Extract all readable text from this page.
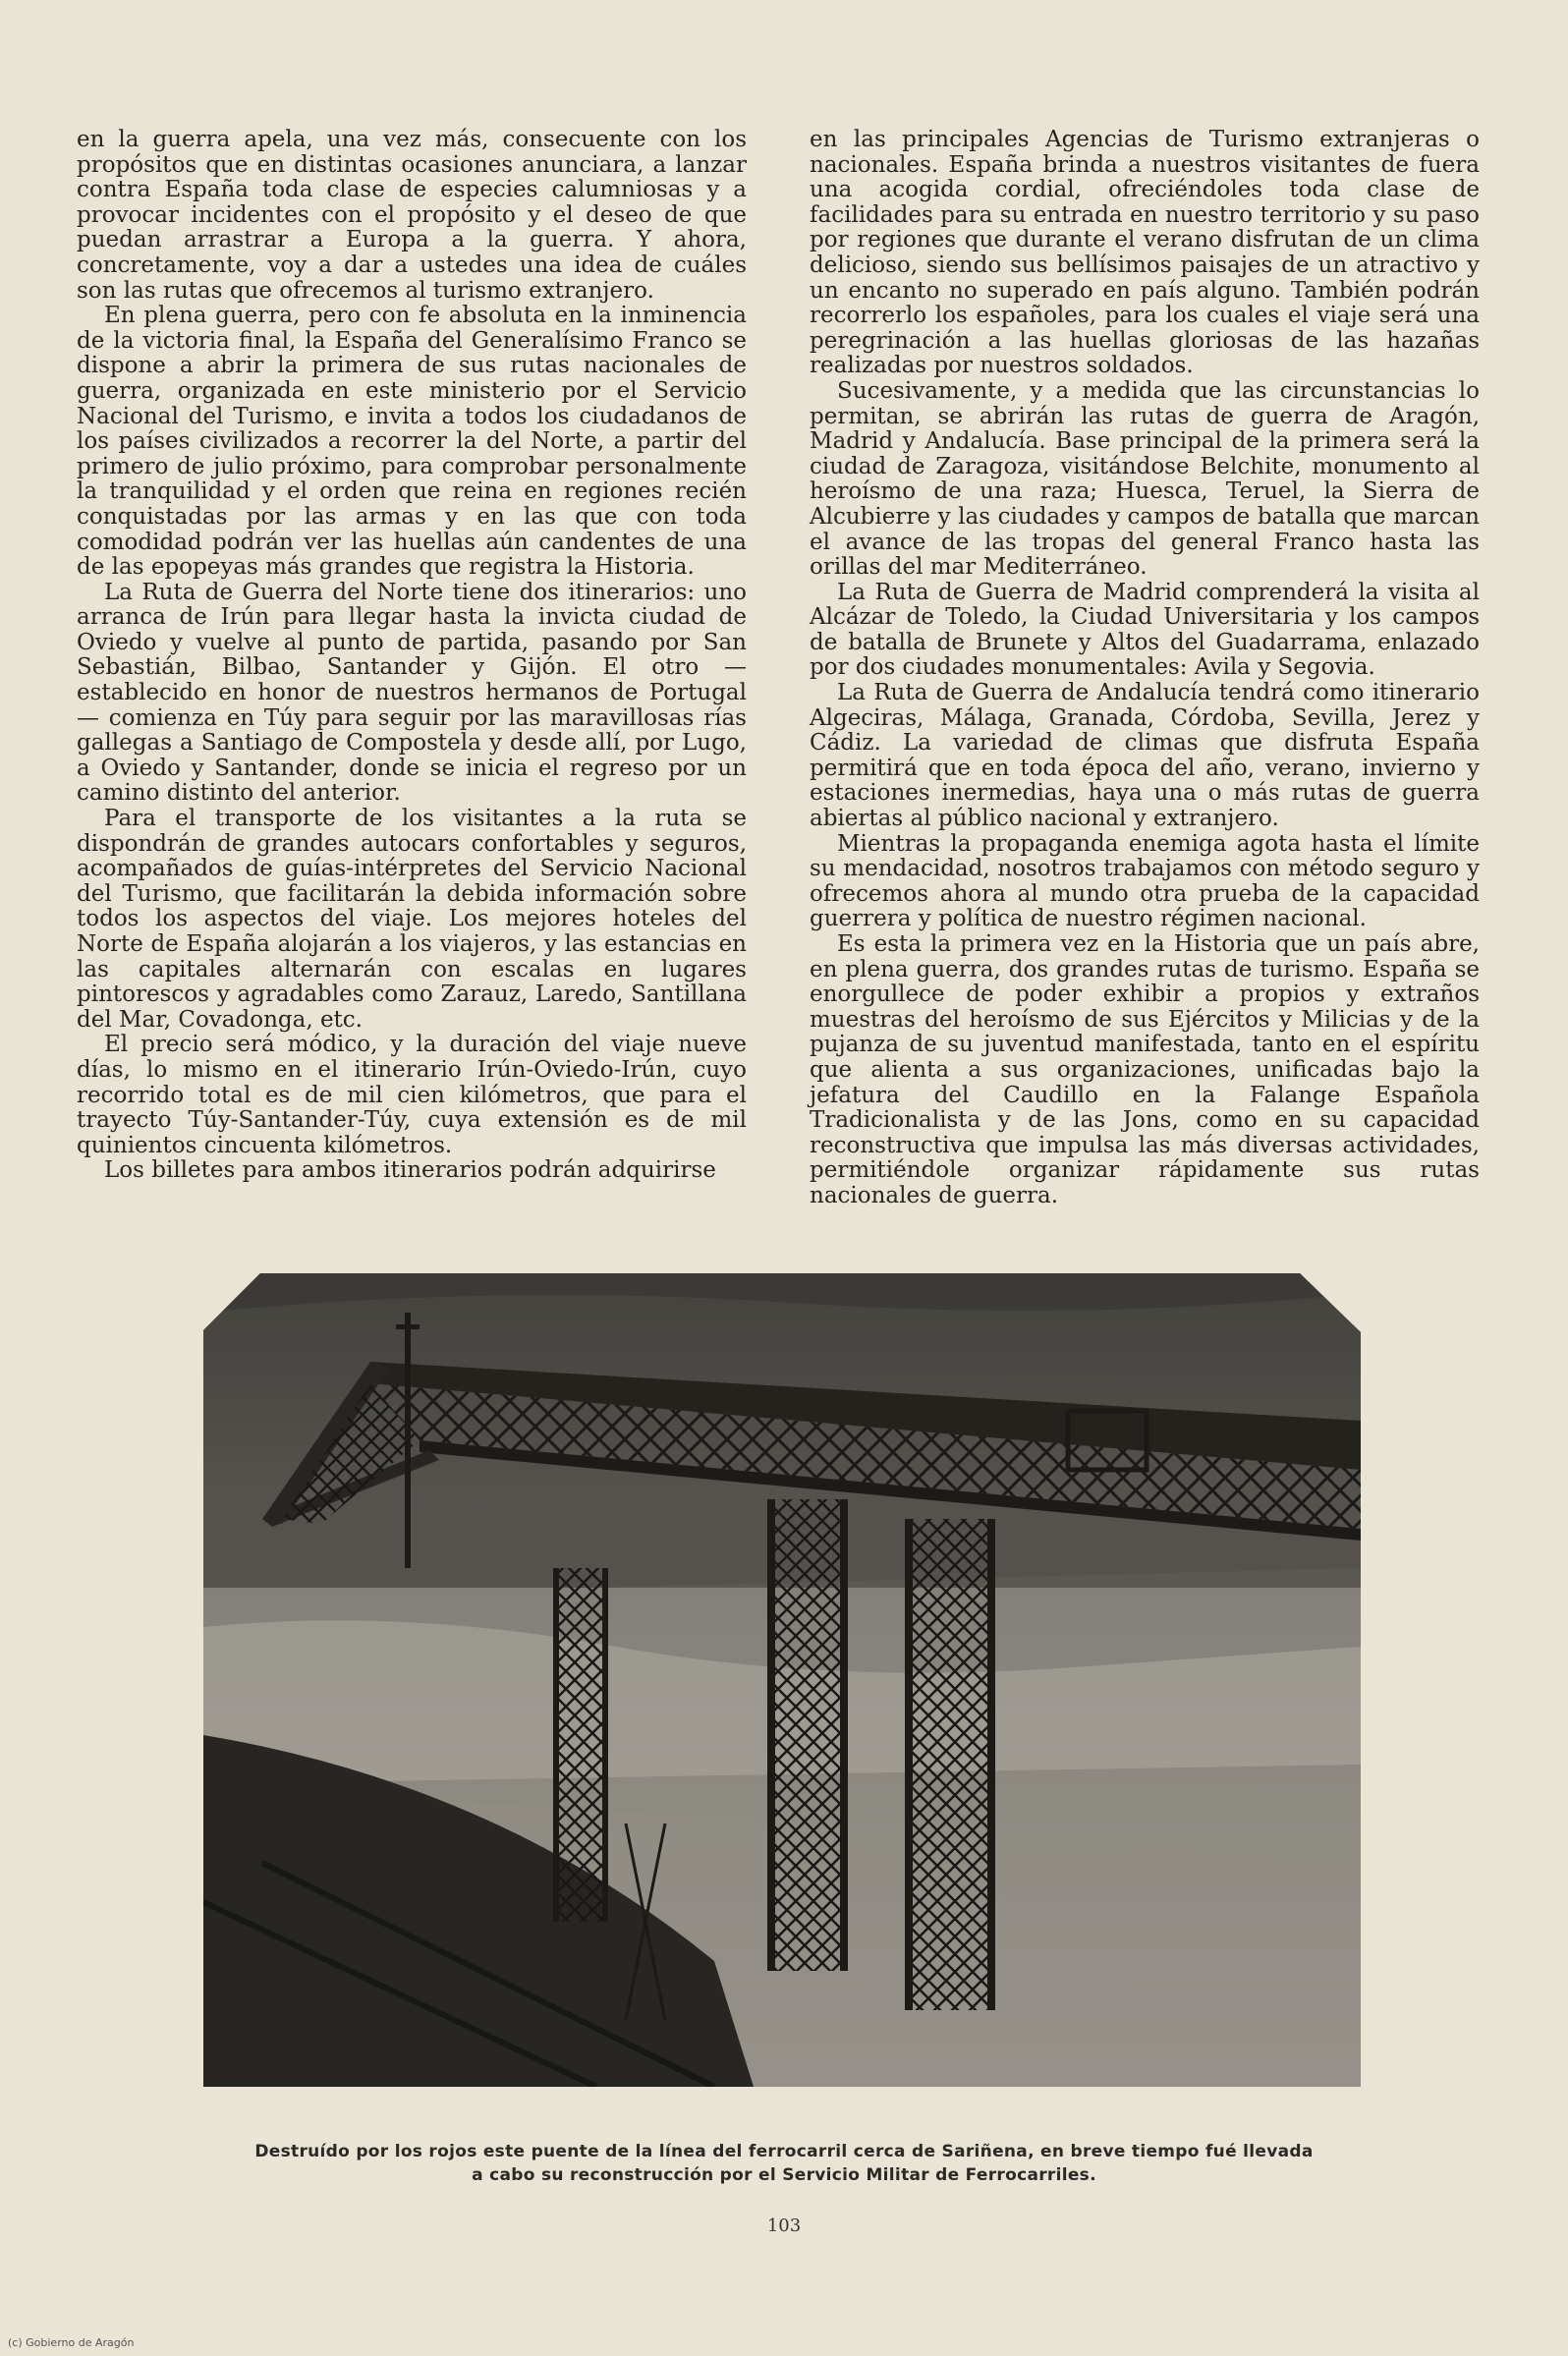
en la guerra apela, una vez más, consecuente con los propósitos que en distintas ocasiones anunciara, a lanzar contra España toda clase de especies calumniosas y a provocar incidentes con el propósito y el deseo de que puedan arrastrar a Europa a la guerra. Y ahora, concretamente, voy a dar a ustedes una idea de cuáles son las rutas que ofrecemos al turismo extranjero.

En plena guerra, pero con fe absoluta en la inminencia de la victoria final, la España del Generalísimo Franco se dispone a abrir la primera de sus rutas nacionales de guerra, organizada en este ministerio por el Servicio Nacional del Turismo, e invita a todos los ciudadanos de los países civilizados a recorrer la del Norte, a partir del primero de julio próximo, para comprobar personalmente la tranquilidad y el orden que reina en regiones recién conquistadas por las armas y en las que con toda comodidad podrán ver las huellas aún candentes de una de las epopeyas más grandes que registra la Historia.

La Ruta de Guerra del Norte tiene dos itinerarios: uno arranca de Irún para llegar hasta la invicta ciudad de Oviedo y vuelve al punto de partida, pasando por San Sebastián, Bilbao, Santander y Gijón. El otro — establecido en honor de nuestros hermanos de Portugal — comienza en Túy para seguir por las maravillosas rías gallegas a Santiago de Compostela y desde allí, por Lugo, a Oviedo y Santander, donde se inicia el regreso por un camino distinto del anterior.

Para el transporte de los visitantes a la ruta se dispondrán de grandes autocars confortables y seguros, acompañados de guías-intérpretes del Servicio Nacional del Turismo, que facilitarán la debida información sobre todos los aspectos del viaje. Los mejores hoteles del Norte de España alojarán a los viajeros, y las estancias en las capitales alternarán con escalas en lugares pintorescos y agradables como Zarauz, Laredo, Santillana del Mar, Covadonga, etc.

El precio será módico, y la duración del viaje nueve días, lo mismo en el itinerario Irún-Oviedo-Irún, cuyo recorrido total es de mil cien kilómetros, que para el trayecto Túy-Santander-Túy, cuya extensión es de mil quinientos cincuenta kilómetros.

Los billetes para ambos itinerarios podrán adquirirse

en las principales Agencias de Turismo extranjeras o nacionales. España brinda a nuestros visitantes de fuera una acogida cordial, ofreciéndoles toda clase de facilidades para su entrada en nuestro territorio y su paso por regiones que durante el verano disfrutan de un clima delicioso, siendo sus bellísimos paisajes de un atractivo y un encanto no superado en país alguno. También podrán recorrerlo los españoles, para los cuales el viaje será una peregrinación a las huellas gloriosas de las hazañas realizadas por nuestros soldados.

Sucesivamente, y a medida que las circunstancias lo permitan, se abrirán las rutas de guerra de Aragón, Madrid y Andalucía. Base principal de la primera será la ciudad de Zaragoza, visitándose Belchite, monumento al heroísmo de una raza; Huesca, Teruel, la Sierra de Alcubierre y las ciudades y campos de batalla que marcan el avance de las tropas del general Franco hasta las orillas del mar Mediterráneo.

La Ruta de Guerra de Madrid comprenderá la visita al Alcázar de Toledo, la Ciudad Universitaria y los campos de batalla de Brunete y Altos del Guadarrama, enlazado por dos ciudades monumentales: Avila y Segovia.

La Ruta de Guerra de Andalucía tendrá como itinerario Algeciras, Málaga, Granada, Córdoba, Sevilla, Jerez y Cádiz. La variedad de climas que disfruta España permitirá que en toda época del año, verano, invierno y estaciones inermedias, haya una o más rutas de guerra abiertas al público nacional y extranjero.

Mientras la propaganda enemiga agota hasta el límite su mendacidad, nosotros trabajamos con método seguro y ofrecemos ahora al mundo otra prueba de la capacidad guerrera y política de nuestro régimen nacional.

Es esta la primera vez en la Historia que un país abre, en plena guerra, dos grandes rutas de turismo. España se enorgullece de poder exhibir a propios y extraños muestras del heroísmo de sus Ejércitos y Milicias y de la pujanza de su juventud manifestada, tanto en el espíritu que alienta a sus organizaciones, unificadas bajo la jefatura del Caudillo en la Falange Española Tradicionalista y de las Jons, como en su capacidad reconstructiva que impulsa las más diversas actividades, permitiéndole organizar rápidamente sus rutas nacionales de guerra.

Destruído por los rojos este puente de la línea del ferrocarril cerca de Sariñena, en breve tiempo fué llevada
a cabo su reconstrucción por el Servicio Militar de Ferrocarriles.
103
(c) Gobierno de Aragón
